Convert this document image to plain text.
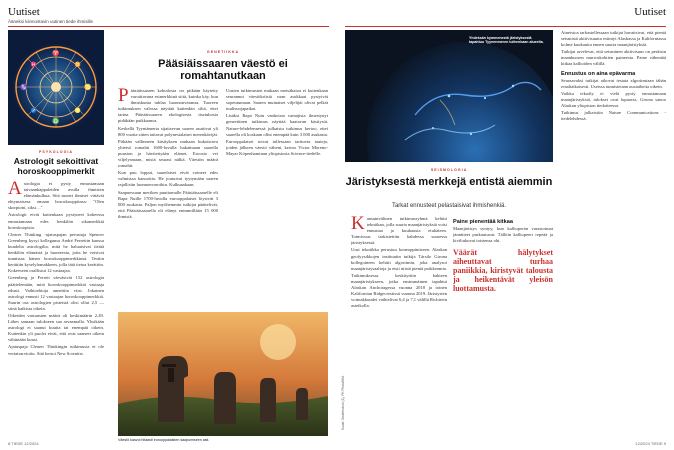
Uutiset
Ääneksi kiinnostavin uutinen tiede ihmisille
♈
♋
♎
♑
♊
♓
♌
♐
PSYKOLOGIA
Astrologit sekoittivat horoskooppimerkit
A strologia ei pysty ennustamaan taivaankappaleiden avulla ihmisten elämänkulkua. Sitä monet ihmiset vittävät ehtymaisesa omaan horoskooppiinsa: "Olen skorpioni, siksi…"

Astrologit eivät kuitenkaan pystyneet kokeessa ennustamaan edes henkilön sikamerkkiä horoskoopista.

Clearer Thinking -ajatuspajan perustaja Spencer Greenberg kysyi kollegansa André Ferrettin kanssa kuudelta astrologilta, mitä he haluaisivat tietää henkilön elämästä ja luonteesta, jotta he voisivat tunnistaa hänen horoskooppimerkkinsä. Testiin kerättiin kyselylomakkeen, jolla tätä tietoa kerättiin. Kokeeseen osallistui 12 vastaajaa.

Greenberg ja Ferrett värväsivät 152 astrologia päättelemään, mitä horoskooppimerkkiä vastaaja edusti. Vaihtoehtoja annettiin viisi. Jokainen astrologi ennusti 12 vastaajan horoskooppimerkkiä. Suurin osa astrologien pisteistä olisi ollut 2,5 — siinä kaikista oikein.

Oikeiden vastausten määrä oli keskimäärin 2,49. Lähes samaan tulokseen saa arvaamalla. Yksikään astrologi ei saanut kuutta tai enempää oikein. Kuitenkin yli puolet eivät, että ovat saaneet oikein vähintään kuusi.

Ajatuspaja Clearer Thinkingin tutkimusta ei ole vertaisarvioitu. Sitä kertoi New Scientist.

GENETIIKKA
Pääsiäissaaren väestö ei romahtanutkaan
P ääsiäissaaren kohtalosta on pitkään käytetty varoittavana esimerkkinä siitä, kuinka käy, kun ihmiskunta tuhlaa luonnonvaransa. Tuoreen tutkimuksen valossa näyttää kuitenkin siltä, ettei tarina Pääsiäissaaren ekologisesta itsetuhosta pidäkään paikkaansa.

Keskellä Tyyntämerta sijaitsevan saaren asuttivat yli 800 vuotta sitten taitavat polynesialaiset merenkävijät.

Pitkään vallinneen käsityksen mukaan kukoistava yhteisö romahti 1600-luvulla hakattuaan saarella puuston ja hävitettyään elämet. Eroosio vei viljelysmaan, mistä seurasi nälkä. Väestön määrä romahti.

Kun puu loppui, saarelaiset eivät voineet edes valmistaa kanoottia. He joutuivat tyytymään saaren rajallisiin luonnonvaroihin. Kulkuaakaan.

Saapuessaan meriken puuttomalle Pääsiäissaarelle eli Rapa Nuille 1700-luvulla eurooppalaiset löysivät 3 000 asukasta. Paljon myöhemmin tutkijat päättelivät, että Pääsiäissaarella oli elänyt enimmillään 15 000 ihmistä.

Uusien tutkimusten mukaan metsäkatoa ei kuitenkaan seurannut väestökriisiä vaan asukkaat pystyivät sopeutumaan. Saaren muinaiset viljelijät olivat pelkät tuulisuojapaikat.

Lisäksi Rapa Nuin vanhoista vainajista ilmestynyt geneettinen tutkimus näyttää kaatavan käsitystä. Nature-lehdelennessä julkaistu tutkimus kertoo, ettei saarella oli koskaan ollut enempää kuin 3 000 asukasta.

Eurooppalaiset toivat tullessaan tarttuvia tauteja, joiden jälkeen väestö väheni, kertoo Victor Moreno-Mayar Köpenhaminan yliopistosta Science-tiedelle.

Väestö kasvoi hitaasti eurooppalaisten saapumiseen asti.
8 TIEDE 12/2024
Uutiset
Yhdeksän kymmenestä järistyksestä tapahtuu Tyynenmeren tulirenkaan alueella.
SEISMOLOGIA
Järistyksestä merkkejä entistä aiemmin
Tarkat ennusteet pelastaisivat ihmishenkiä.
K ansainvälinen tutkimusryhmä kehitti tekniikan, jolla suuria maanjäristyksiä voisi ennustaa jo kuukausia etukäteen. Toimivuus tarkistettiin kahdessa suuressa järistyksessä.

Uusi tekniikka perustuu koneoppimiseen. Alaskan geofyysikkojen instituutin tutkija Társilo Girona kollegoineen kehitti algoritmin, joka analysoi maanjäristysaaltoja ja etsii niistä pieniä poikkeamia.

Tutkimuksessa keskityttiin kahteen maanjäristykseen, jotka ensimmäinen tapahtui Alaskan Anchoragessa vuonna 2018 ja toinen Kalifornian Ridgecrestissä vuonna 2019. Järistysten voimakkuudet vaihtelivat 6,4 ja 7,1 välillä Richterin asteikolla.

Paine pienentää kitkaa

Maanjäristys syntyy, kun kallioperän varastoimat jännitteet purkautuvat. Tällöin kalliopeeri repeää ja kiviliukuvat toistensa ohi.

Väärät hälytykset aiheuttavat turhaa paniikkia, kiristyvät talousta ja heikentävät yleisön luottamusta.

Aineistoa tarkastellessaan tutkijat havaitsivat, että pientä seismistä aktiivisuutta esiintyi Alaskassa ja Kaliforniassa kolme kuukautta ennen suuria maanjäristyksiä.

Tutkijat arvelevat, että seisminen aktiivisuus on peräisin maankuoren murroskohtien paineesta. Paine vähentää kitkaa kallioiden välillä.

Ennustus on aina epävarma

Seuraavaksi tutkijat aikovat testata algoritmiaan tähän reaaliaikaisesti. Useissa tunnistetaan uusiaiheita oikein.

Vaikka tekoäly ei vielä pysty ennustamaan maanjäristyksiä, tulokset ovat lupaavia, Girona sanoo Alaskan yliopiston tiedotteessa.

Tutkimus julkaistiin Nature Communications -tiedelehdessä.

Kuvat: Shutterstock (2), PK Photo/MIA
12/2024 TIEDE 9
